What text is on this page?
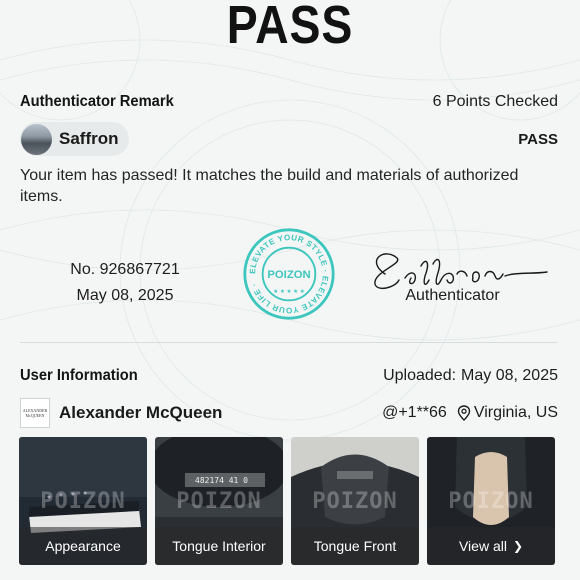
PASS
Authenticator Remark	6 Points Checked
Saffron	PASS
Your item has passed! It matches the build and materials of authorized items.
No. 926867721
May 08, 2025
ELEVATE YOUR STYLE · ELEVATE YOUR LIFE ·
POIZON
★ ★ ★ ★ ★	Authenticator
User Information	Uploaded: May 08, 2025
ALEXANDER
McQUEEN Alexander McQueen	@+1**66 Virginia, US
POIZON
Appearance
482174 41 0
POIZON
Tongue Interior
POIZON
Tongue Front
POIZON
View all ❯
